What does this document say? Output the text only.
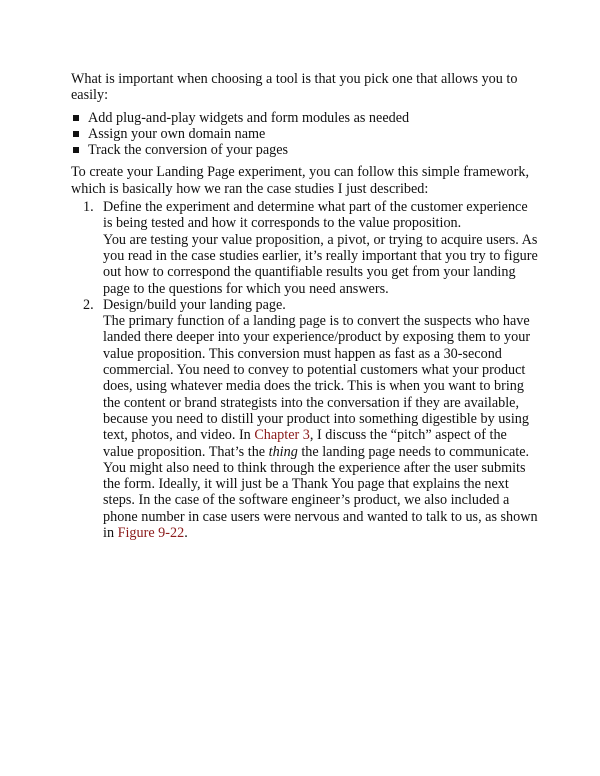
What is important when choosing a tool is that you pick one that allows you to easily:

Add plug-and-play widgets and form modules as needed
Assign your own domain name
Track the conversion of your pages

To create your Landing Page experiment, you can follow this simple framework, which is basically how we ran the case studies I just described:

1. Define the experiment and determine what part of the customer experience is being tested and how it corresponds to the value proposition.
You are testing your value proposition, a pivot, or trying to acquire users. As you read in the case studies earlier, it’s really important that you try to figure out how to correspond the quantifiable results you get from your landing page to the questions for which you need answers.
2. Design/build your landing page.
The primary function of a landing page is to convert the suspects who have landed there deeper into your experience/product by exposing them to your value proposition. This conversion must happen as fast as a 30-second commercial. You need to convey to potential customers what your product does, using whatever media does the trick. This is when you want to bring the content or brand strategists into the conversation if they are available, because you need to distill your product into something digestible by using text, photos, and video. In Chapter 3, I discuss the “pitch” aspect of the value proposition. That’s the thing the landing page needs to communicate. You might also need to think through the experience after the user submits the form. Ideally, it will just be a Thank You page that explains the next steps. In the case of the software engineer’s product, we also included a phone number in case users were nervous and wanted to talk to us, as shown in Figure 9-22.
